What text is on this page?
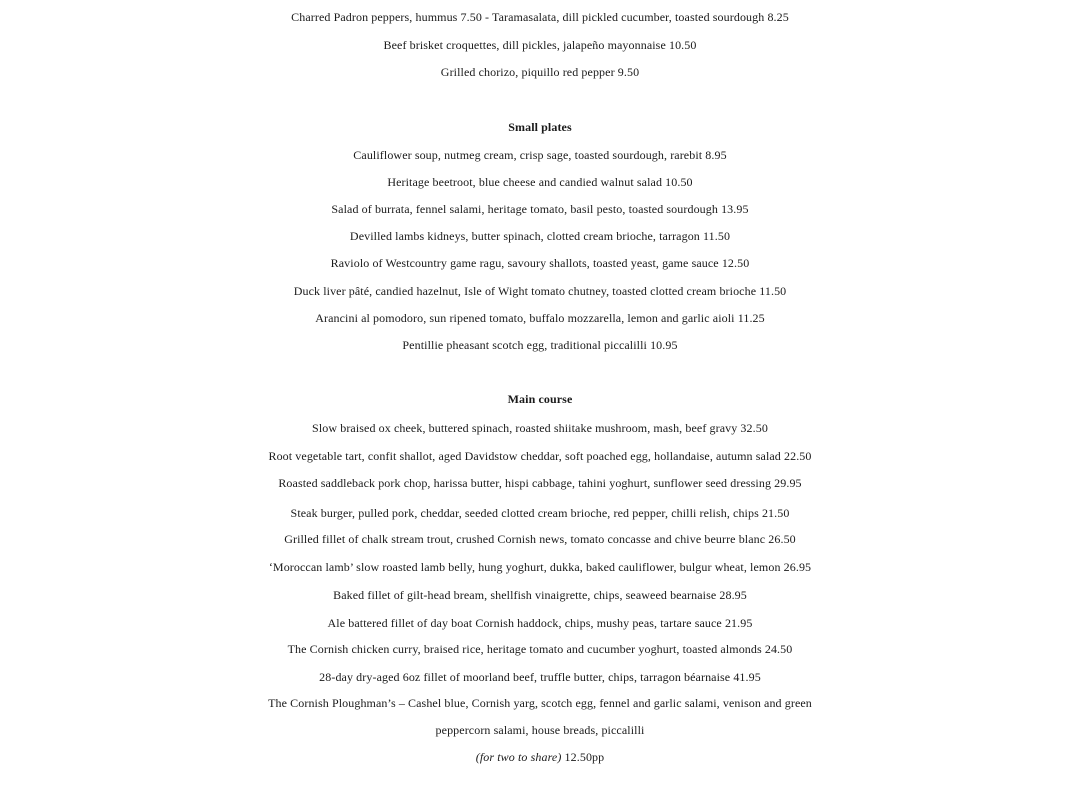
Charred Padron peppers, hummus 7.50 - Taramasalata, dill pickled cucumber, toasted sourdough 8.25
Beef brisket croquettes, dill pickles, jalapeño mayonnaise 10.50
Grilled chorizo, piquillo red pepper 9.50
Small plates
Cauliflower soup, nutmeg cream, crisp sage, toasted sourdough, rarebit 8.95
Heritage beetroot, blue cheese and candied walnut salad 10.50
Salad of burrata, fennel salami, heritage tomato, basil pesto, toasted sourdough 13.95
Devilled lambs kidneys, butter spinach, clotted cream brioche, tarragon 11.50
Raviolo of Westcountry game ragu, savoury shallots, toasted yeast, game sauce 12.50
Duck liver pâté, candied hazelnut, Isle of Wight tomato chutney, toasted clotted cream brioche 11.50
Arancini al pomodoro, sun ripened tomato, buffalo mozzarella, lemon and garlic aioli 11.25
Pentillie pheasant scotch egg, traditional piccalilli 10.95
Main course
Slow braised ox cheek, buttered spinach, roasted shiitake mushroom, mash, beef gravy 32.50
Root vegetable tart, confit shallot, aged Davidstow cheddar, soft poached egg, hollandaise, autumn salad 22.50
Roasted saddleback pork chop, harissa butter, hispi cabbage, tahini yoghurt, sunflower seed dressing 29.95
Steak burger, pulled pork, cheddar, seeded clotted cream brioche, red pepper, chilli relish, chips 21.50
Grilled fillet of chalk stream trout, crushed Cornish news, tomato concasse and chive beurre blanc 26.50
‘Moroccan lamb’ slow roasted lamb belly, hung yoghurt, dukka, baked cauliflower, bulgur wheat, lemon 26.95
Baked fillet of gilt-head bream, shellfish vinaigrette, chips, seaweed bearnaise 28.95
Ale battered fillet of day boat Cornish haddock, chips, mushy peas, tartare sauce 21.95
The Cornish chicken curry, braised rice, heritage tomato and cucumber yoghurt, toasted almonds 24.50
28-day dry-aged 6oz fillet of moorland beef, truffle butter, chips, tarragon béarnaise 41.95
The Cornish Ploughman’s – Cashel blue, Cornish yarg, scotch egg, fennel and garlic salami, venison and green
peppercorn salami, house breads, piccalilli
(for two to share) 12.50pp
